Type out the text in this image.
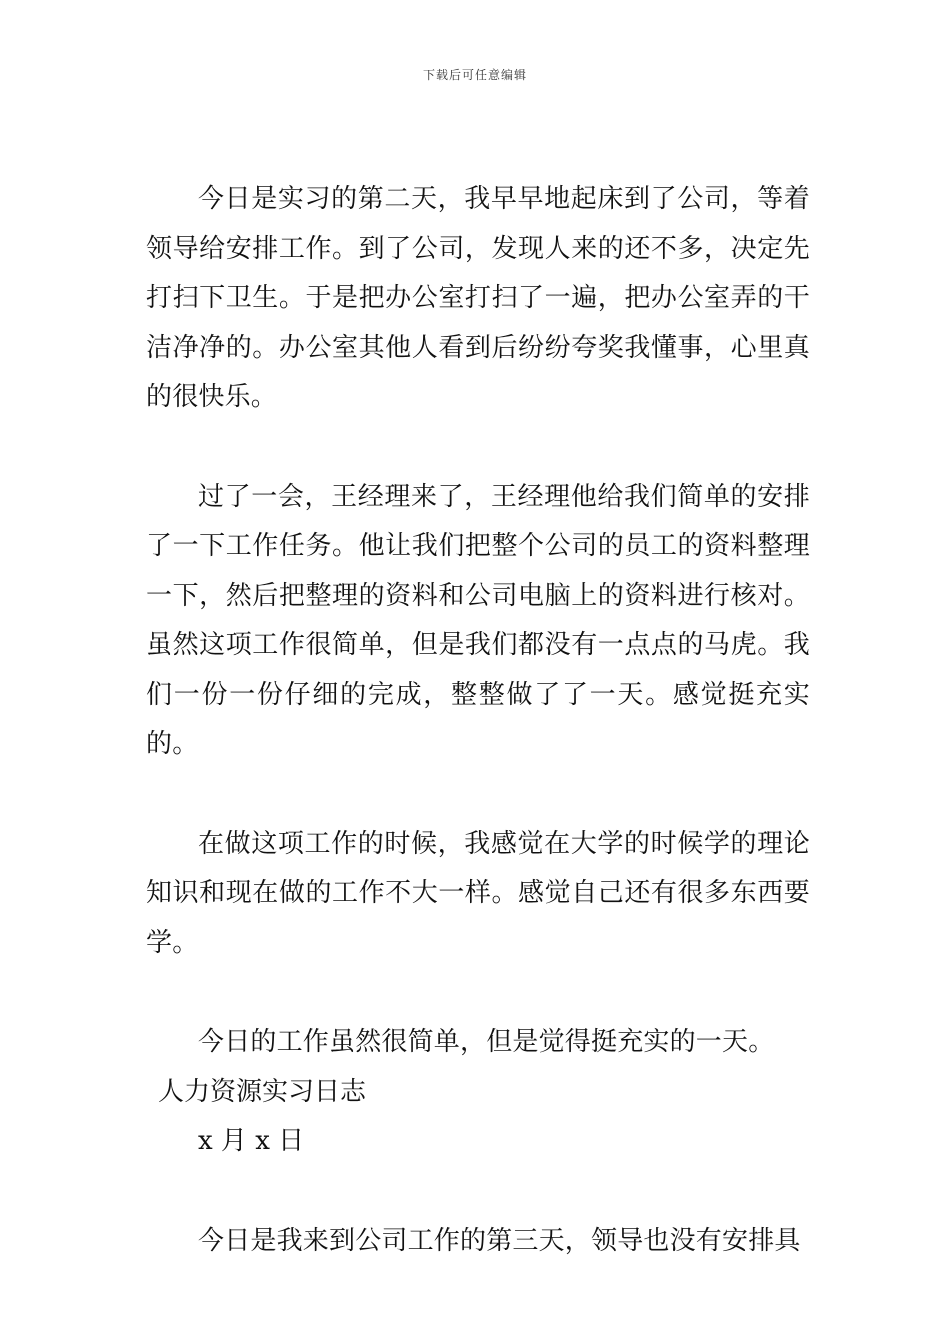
下载后可任意编辑

今日是实习的第二天，我早早地起床到了公司，等着领导给安排工作。到了公司，发现人来的还不多，决定先打扫下卫生。于是把办公室打扫了一遍，把办公室弄的干洁净净的。办公室其他人看到后纷纷夸奖我懂事，心里真的很快乐。

过了一会，王经理来了，王经理他给我们简单的安排了一下工作任务。他让我们把整个公司的员工的资料整理一下，然后把整理的资料和公司电脑上的资料进行核对。虽然这项工作很简单，但是我们都没有一点点的马虎。我们一份一份仔细的完成，整整做了了一天。感觉挺充实的。

在做这项工作的时候，我感觉在大学的时候学的理论知识和现在做的工作不大一样。感觉自己还有很多东西要学。

今日的工作虽然很简单，但是觉得挺充实的一天。

人力资源实习日志

x 月 x 日

今日是我来到公司工作的第三天，领导也没有安排具
